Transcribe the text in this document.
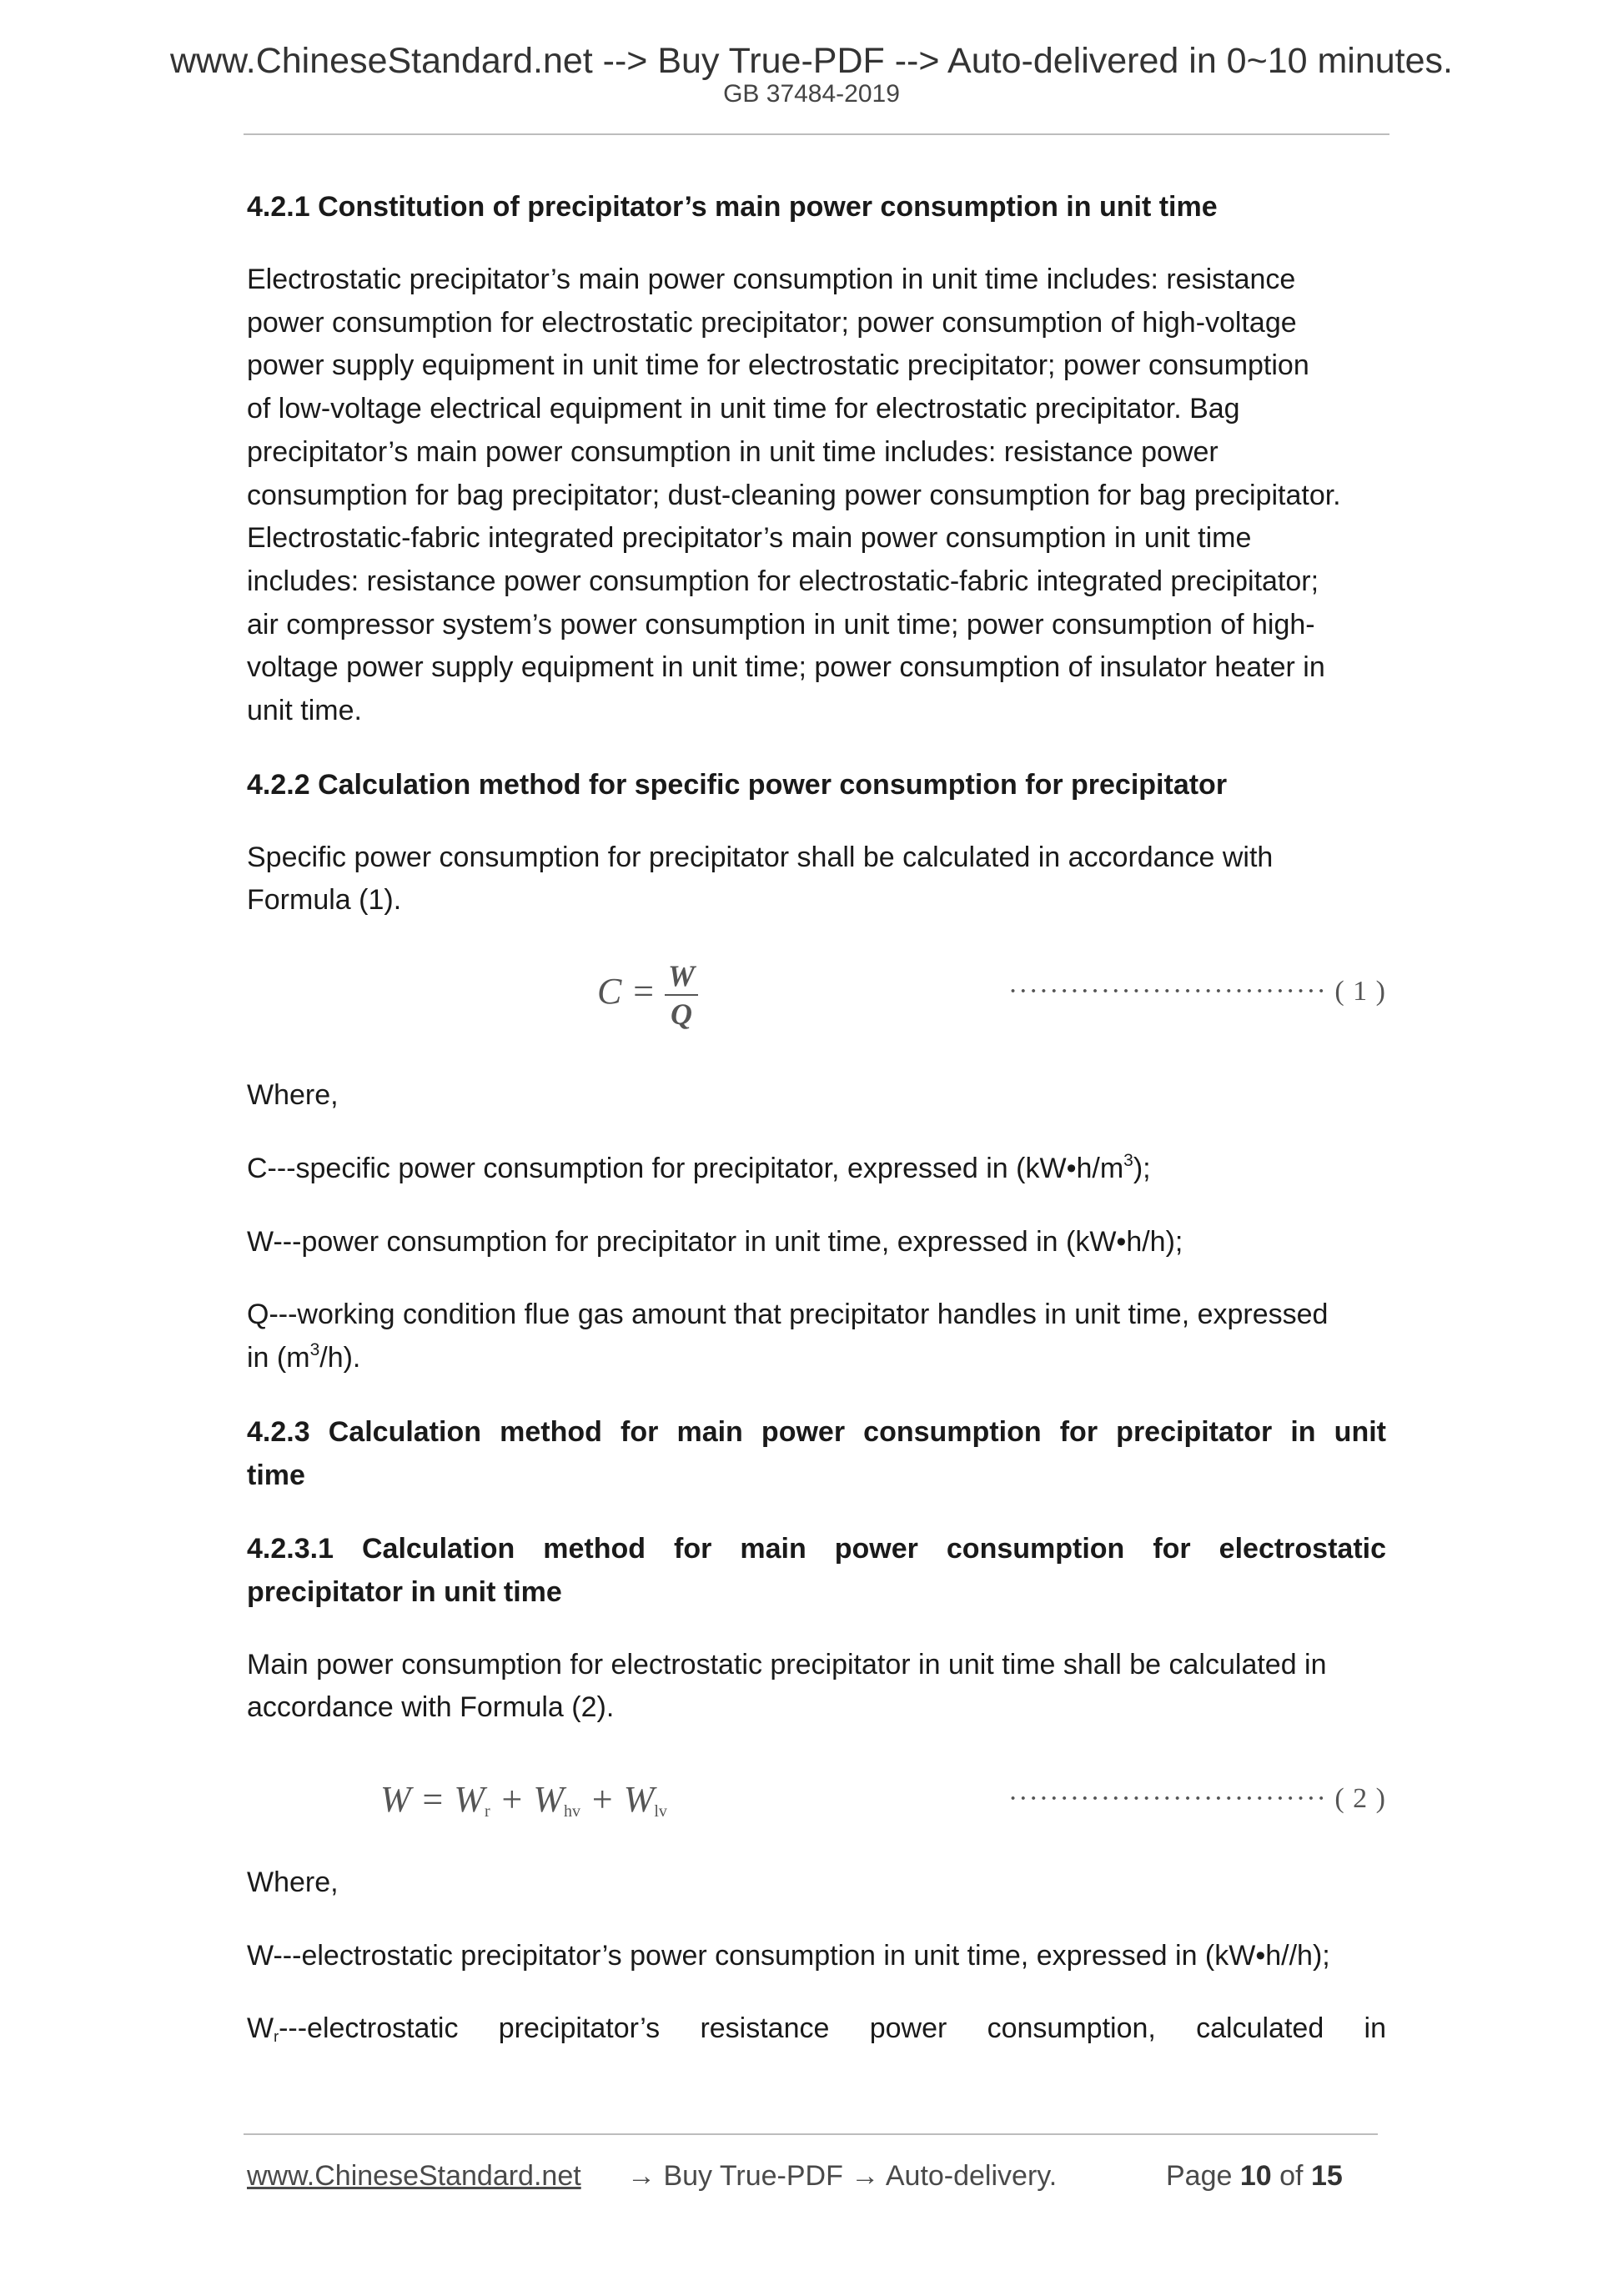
www.ChineseStandard.net --> Buy True-PDF --> Auto-delivered in 0~10 minutes.
GB 37484-2019

4.2.1 Constitution of precipitator’s main power consumption in unit time

Electrostatic precipitator’s main power consumption in unit time includes: resistance
power consumption for electrostatic precipitator; power consumption of high-voltage
power supply equipment in unit time for electrostatic precipitator; power consumption
of low-voltage electrical equipment in unit time for electrostatic precipitator. Bag
precipitator’s main power consumption in unit time includes: resistance power
consumption for bag precipitator; dust-cleaning power consumption for bag precipitator.
Electrostatic-fabric integrated precipitator’s main power consumption in unit time
includes: resistance power consumption for electrostatic-fabric integrated precipitator;
air compressor system’s power consumption in unit time; power consumption of high-
voltage power supply equipment in unit time; power consumption of insulator heater in
unit time.

4.2.2 Calculation method for specific power consumption for precipitator

Specific power consumption for precipitator shall be calculated in accordance with
Formula (1).
$C = \frac{W}{Q}$	······························· ( 1 )

Where,

C---specific power consumption for precipitator, expressed in $(kW•h/m^3)$;

W---power consumption for precipitator in unit time, expressed in (kW•h/h);

Q---working condition flue gas amount that precipitator handles in unit time, expressed
in $(m^3/h)$.
4.2.3 Calculation method for main power consumption for precipitator in unit
time
4.2.3.1 Calculation method for main power consumption for electrostatic
precipitator in unit time
Main power consumption for electrostatic precipitator in unit time shall be calculated in
accordance with Formula (2).
$W = W_r + W_{hv} + W_{lv}$	······························· ( 2 )

Where,

W---electrostatic precipitator’s power consumption in unit time, expressed in (kW•h//h);

$W_r--$-electrostatic precipitator’s resistance power consumption, calculated in

www.ChineseStandard.net → Buy True-PDF → Auto-delivery.	Page 10 of 15
